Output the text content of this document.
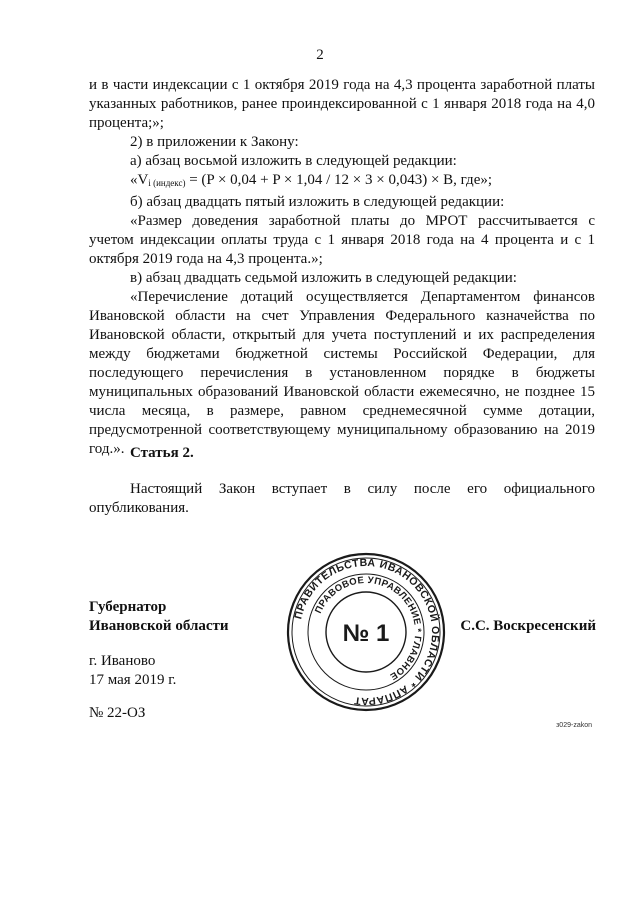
2

и в части индексации с 1 октября 2019 года на 4,3 процента заработной платы указанных работников, ранее проиндексированной с 1 января 2018 года на 4,0 процента;»;

2) в приложении к Закону:

а) абзац восьмой изложить в следующей редакции:

«$V_{i (индекс)} = (P \times 0,04 + P \times 1,04 / 12 \times 3 \times 0,043) \times B$, где»;

б) абзац двадцать пятый изложить в следующей редакции:

«Размер доведения заработной платы до МРОТ рассчитывается с учетом индексации оплаты труда с 1 января 2018 года на 4 процента и с 1 октября 2019 года на 4,3 процента.»;

в) абзац двадцать седьмой изложить в следующей редакции:

«Перечисление дотаций осуществляется Департаментом финансов Ивановской области на счет Управления Федерального казначейства по Ивановской области, открытый для учета поступлений и их распределения между бюджетами бюджетной системы Российской Федерации, для последующего перечисления в установленном порядке в бюджеты муниципальных образований Ивановской области ежемесячно, не позднее 15 числа месяца, в размере, равном среднемесячной сумме дотации, предусмотренной соответствующему муниципальному образованию на 2019 год.». Статья 2.

Настоящий Закон вступает в силу после его официального

опубликования.
Губернатор
Ивановской области
ПРАВИТЕЛЬСТВА ИВАНОВСКОЙ ОБЛАСТИ * АППАРАТ
ПРАВОВОЕ УПРАВЛЕНИЕ * ГЛАВНОЕ
№ 1	С.С. Воскресенский
г. Иваново
17 мая 2019 г.
№ 22-ОЗ
з029-zakon
